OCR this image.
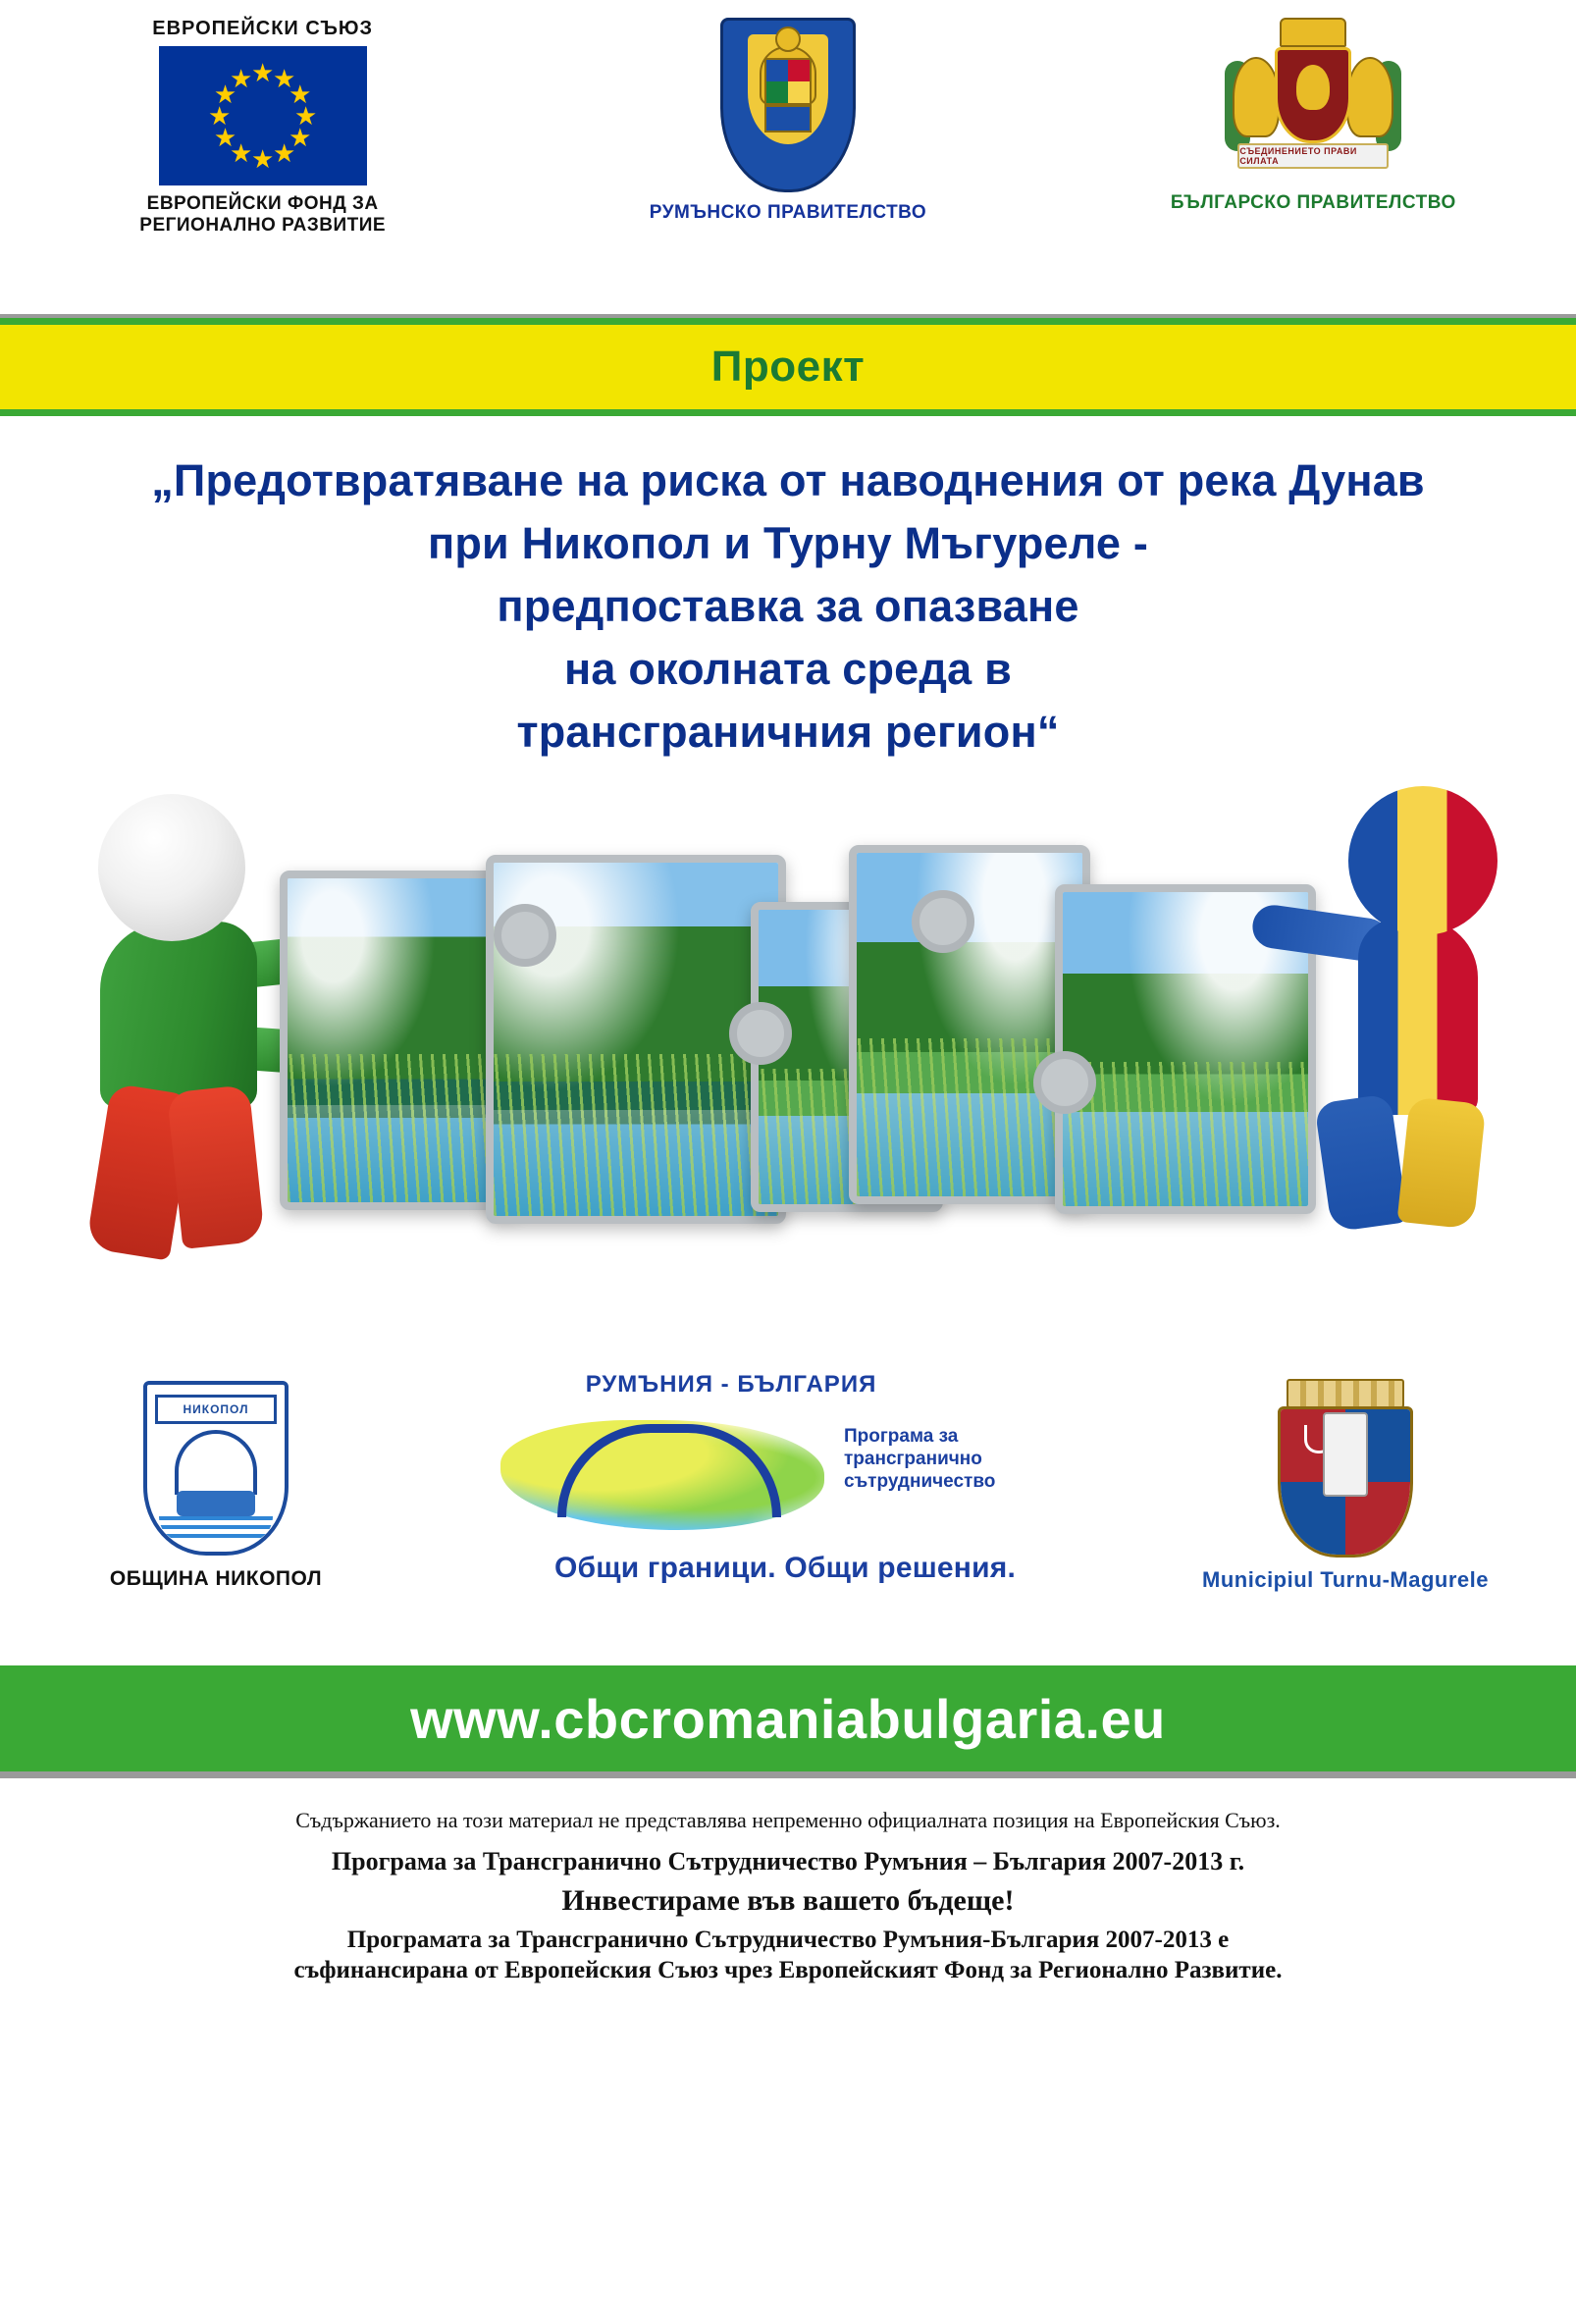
ЕВРОПЕЙСКИ СЪЮЗ
★
★
★
★
★
★
★
★
★
★
★
★
ЕВРОПЕЙСКИ ФОНД ЗА
РЕГИОНАЛНО РАЗВИТИЕ
РУМЪНСКО ПРАВИТЕЛСТВО
СЪЕДИНЕНИЕТО ПРАВИ СИЛАТА
БЪЛГАРСКО ПРАВИТЕЛСТВО
Проект
„Предотвратяване на риска от наводнения от река Дунав
при Никопол и Турну Мъгуреле -
предпоставка за опазване
на околната среда в
трансграничния регион“
НИКОПОЛ
ОБЩИНА НИКОПОЛ
РУМЪНИЯ - БЪЛГАРИЯ
Програма за
трансгранично
сътрудничество
Общи граници. Общи решения.	Municipiul Turnu-Magurele
www.cbcromaniabulgaria.eu
Съдържанието на този материал не представлява непременно официалната позиция на Европейския Съюз.
Програма за Трансгранично Сътрудничество Румъния – България 2007-2013 г.
Инвестираме във вашето бъдеще!
Програмата за Трансгранично Сътрудничество Румъния-България 2007-2013 е
съфинансирана от Европейския Съюз чрез Европейският Фонд за Регионално Развитие.
